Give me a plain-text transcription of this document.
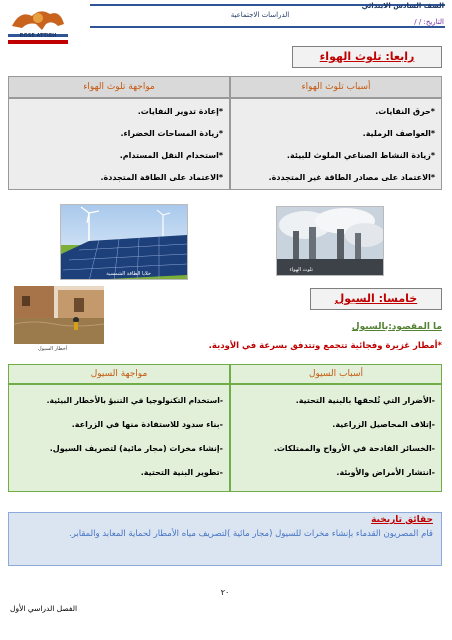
الصف السادس الابتدائي
الدراسات الاجتماعية
التاريخ: / /
ROSE ATTIEH
رابعا: تلوث الهواء
أسباب تلوث الهواء
مواجهة تلوث الهواء
*حرق النفايات.
*العواصف الرملية.
*زيادة النشاط الصناعي الملوث للبيئة.
*الاعتماد على مصادر الطاقة غير المتجددة.
*إعادة تدوير النفايات.
*زيادة المساحات الخضراء.
*استخدام النقل المستدام.
*الاعتماد على الطاقة المتجددة.
خلايا الطاقة الشمسية
تلوث الهواء
أخطار السيول
خامسا: السيول
ما المقصود:بالسيول
*أمطار غزيرة وفجائية تتجمع وتتدفق بسرعة في الأودية.
أسباب السيول
مواجهة السيول
-الأضرار التي تُلحقها بالبنية التحتية.
-إتلاف المحاصيل الزراعية.
-الخسائر الفادحة في الأرواح والممتلكات.
-انتشار الأمراض والأوبئة.
-استخدام التكنولوجيا في التنبؤ بالأخطار البيئية.
-بناء سدود للاستفادة منها في الزراعة.
-إنشاء مخرات (مجار مائية) لتصريف السيول.
-تطوير البنية التحتية.
حقائق تاريخية
قام المصريون القدماء بإنشاء مخرات للسيول (مجار مائية )لتصريف مياه الأمطار لحماية المعابد والمقابر.
٢٠
الفصل الدراسي الأول
